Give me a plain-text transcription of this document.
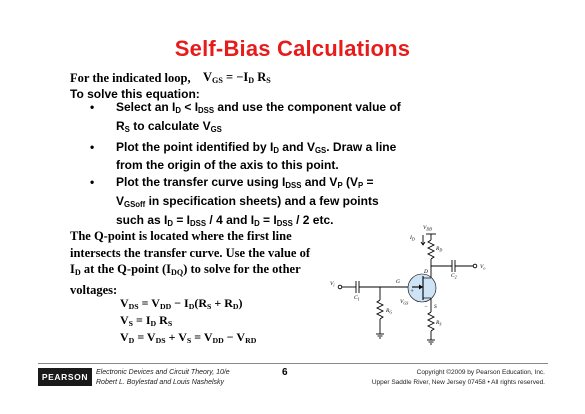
Self-Bias Calculations
For the indicated loop, $V_{GS} = -I_D$ $R_S$
To solve this equation:
• Select an $I_D < I_{DSS}$ and use the component value of $R_S$ to calculate $V_{GS}$
• Plot the point identified by $I_D$ and $V_{GS}$. Draw a line from the origin of the axis to this point.
• Plot the transfer curve using $I_{DSS}$ and $V_P$ ($V_P = V_{GSoff}$ in specification sheets) and a few points such as $I_D = I_{DSS} / 4$ and $I_D = I_{DSS} / 2$ etc.
The Q-point is located where the first line intersects the transfer curve. Use the value of $I_D$ at the Q-point $(I_{DQ})$ to solve for the other voltages:
$V_{DS} = V_{DD} - I_D(R_S + R_D)$
$V_S = I_D$ $R_S$
$V_D = V_{DS} + V_S = V_{DD} - V_{RD}$
$V_{DD}$
$I_D$
$R_D$
D
$C_2$
$V_o$
$V_i$
$C_1$
G
S
$V_{GS}$
$R_G$
$R_S$
+
−
PEARSON	Electronic Devices and Circuit Theory, 10/e
Robert L. Boylestad and Louis Nashelsky
6	Copyright ©2009 by Pearson Education, Inc.
Upper Saddle River, New Jersey 07458 • All rights reserved.
